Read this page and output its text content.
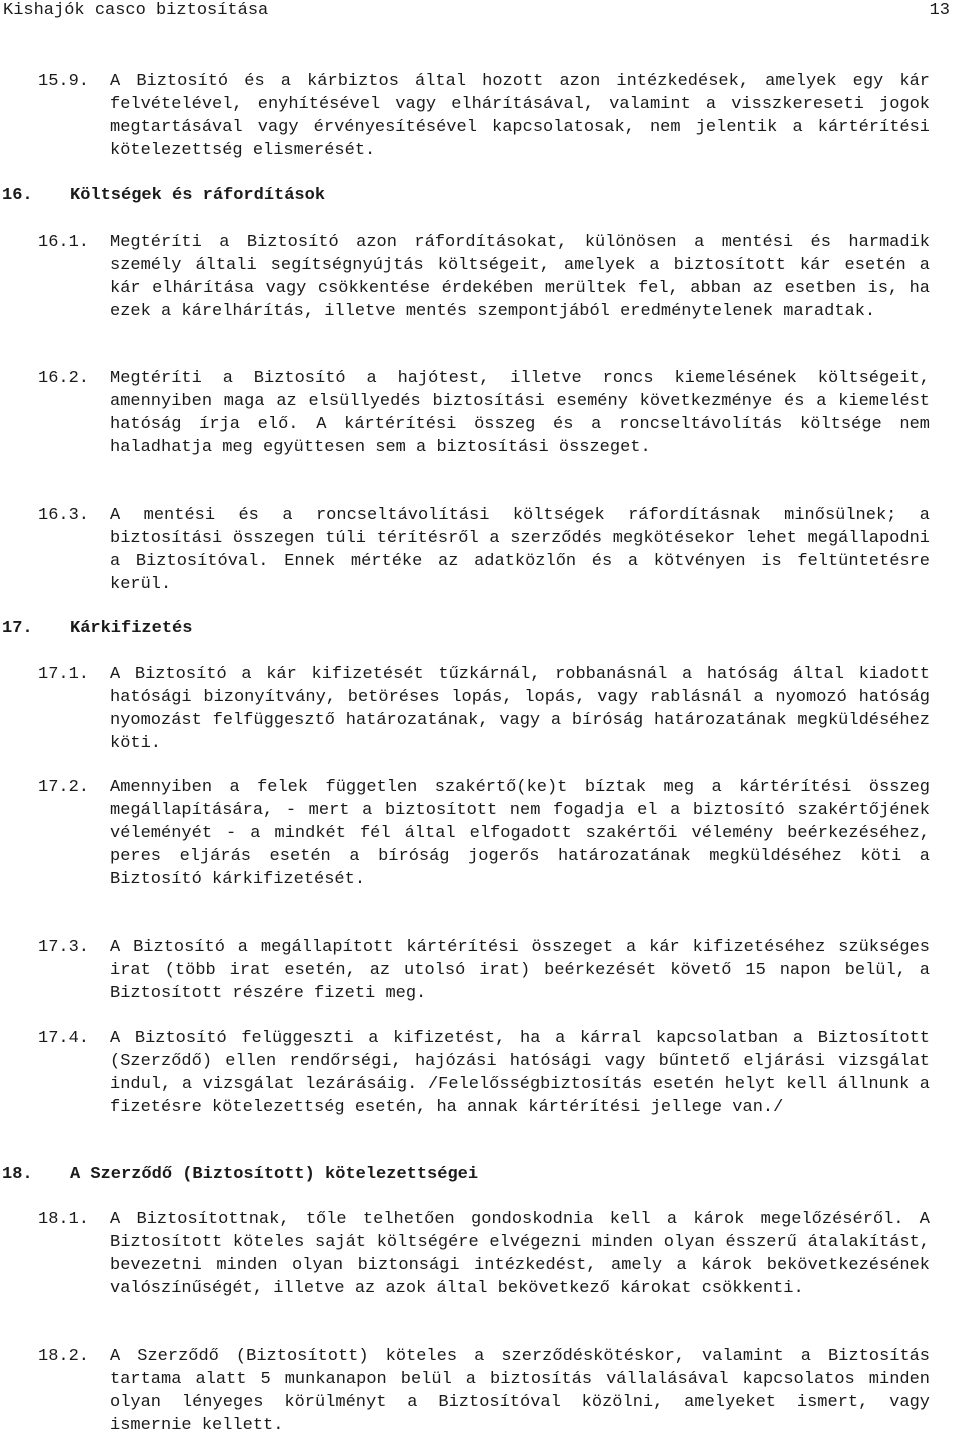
Kishajók casco biztosítása	13
15.9. A Biztosító és a kárbiztos által hozott azon intézkedések, amelyek egy kár felvételével, enyhítésével vagy elhárításával, valamint a visszkereseti jogok megtartásával vagy érvényesítésével kapcsolatosak, nem jelentik a kártérítési kötelezettség elismerését.
16. Költségek és ráfordítások
16.1. Megtéríti a Biztosító azon ráfordításokat, különösen a mentési és harmadik személy általi segítségnyújtás költségeit, amelyek a biztosított kár esetén a kár elhárítása vagy csökkentése érdekében merültek fel, abban az esetben is, ha ezek a kárelhárítás, illetve mentés szempontjából eredménytelenek maradtak.
16.2. Megtéríti a Biztosító a hajótest, illetve roncs kiemelésének költségeit, amennyiben maga az elsüllyedés biztosítási esemény következménye és a kiemelést hatóság írja elő. A kártérítési összeg és a roncseltávolítás költsége nem haladhatja meg együttesen sem a biztosítási összeget.
16.3. A mentési és a roncseltávolítási költségek ráfordításnak minősülnek; a biztosítási összegen túli térítésről a szerződés megkötésekor lehet megállapodni a Biztosítóval. Ennek mértéke az adatközlőn és a kötvényen is feltüntetésre kerül.
17. Kárkifizetés
17.1. A Biztosító a kár kifizetését tűzkárnál, robbanásnál a hatóság által kiadott hatósági bizonyítvány, betöréses lopás, lopás, vagy rablásnál a nyomozó hatóság nyomozást felfüggesztő határozatának, vagy a bíróság határozatának megküldéséhez köti.
17.2. Amennyiben a felek független szakértő(ke)t bíztak meg a kártérítési összeg megállapítására, - mert a biztosított nem fogadja el a biztosító szakértőjének véleményét - a mindkét fél által elfogadott szakértői vélemény beérkezéséhez, peres eljárás esetén a bíróság jogerős határozatának megküldéséhez köti a Biztosító kárkifizetését.
17.3. A Biztosító a megállapított kártérítési összeget a kár kifizetéséhez szükséges irat (több irat esetén, az utolsó irat) beérkezését követő 15 napon belül, a Biztosított részére fizeti meg.
17.4. A Biztosító felüggeszti a kifizetést, ha a kárral kapcsolatban a Biztosított (Szerződő) ellen rendőrségi, hajózási hatósági vagy bűntető eljárási vizsgálat indul, a vizsgálat lezárásáig. /Felelősségbiztosítás esetén helyt kell állnunk a fizetésre kötelezettség esetén, ha annak kártérítési jellege van./
18. A Szerződő (Biztosított) kötelezettségei
18.1. A Biztosítottnak, tőle telhetően gondoskodnia kell a károk megelőzéséről. A Biztosított köteles saját költségére elvégezni minden olyan ésszerű átalakítást, bevezetni minden olyan biztonsági intézkedést, amely a károk bekövetkezésének valószínűségét, illetve az azok által bekövetkező károkat csökkenti.
18.2. A Szerződő (Biztosított) köteles a szerződéskötéskor, valamint a Biztosítás tartama alatt 5 munkanapon belül a biztosítás vállalásával kapcsolatos minden olyan lényeges körülményt a Biztosítóval közölni, amelyeket ismert, vagy ismernie kellett.
